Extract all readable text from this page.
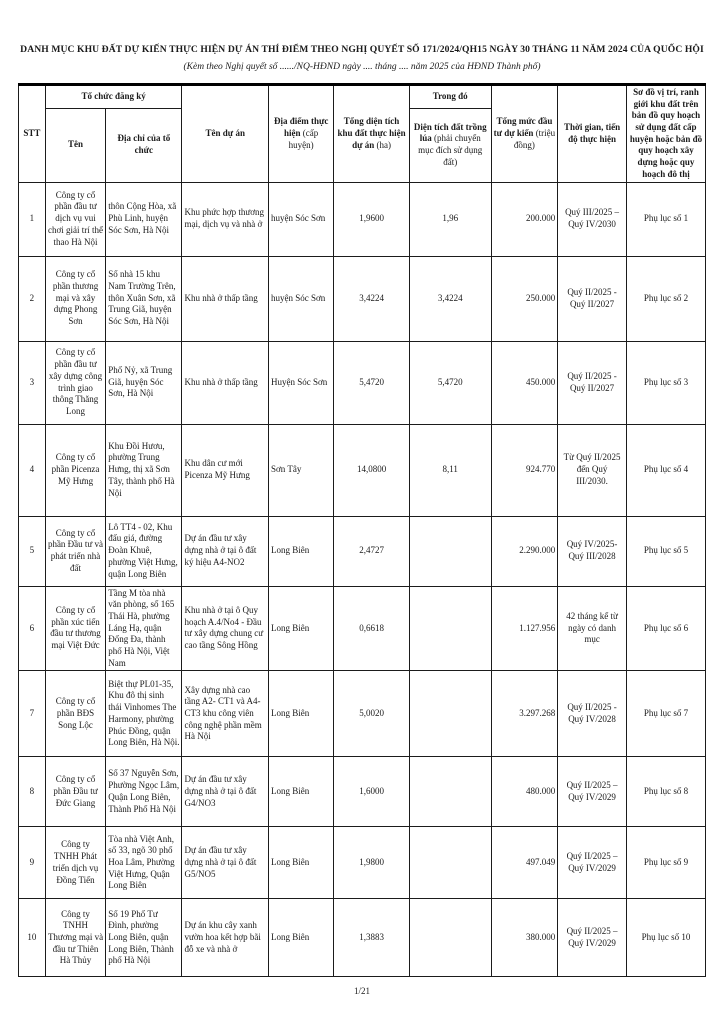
DANH MỤC KHU ĐẤT DỰ KIẾN THỰC HIỆN DỰ ÁN THÍ ĐIỂM THEO NGHỊ QUYẾT SỐ 171/2024/QH15 NGÀY 30 THÁNG 11 NĂM 2024 CỦA QUỐC HỘI
(Kèm theo Nghị quyết số ....../NQ-HĐND ngày .... tháng .... năm 2025 của HĐND Thành phố)
STT	Tổ chức đăng ký		Tên dự án	Địa điểm thực hiện (cấp huyện)	Tổng diện tích khu đất thực hiện dự án (ha)	Trong đó	Tổng mức đầu tư dự kiến (triệu đồng)	Thời gian, tiến độ thực hiện	Sơ đồ vị trí, ranh giới khu đất trên bản đồ quy hoạch sử dụng đất cấp huyện hoặc bản đồ quy hoạch xây dựng hoặc quy hoạch đô thị
	Tên	Địa chỉ của tổ chức				Diện tích đất trồng lúa (phải chuyển mục đích sử dụng đất)			
1	Công ty cổ phần đầu tư dịch vụ vui chơi giải trí thể thao Hà Nội	thôn Cộng Hòa, xã Phù Linh, huyện Sóc Sơn, Hà Nội	Khu phức hợp thương mại, dịch vụ và nhà ở	huyện Sóc Sơn	1,9600	1,96	200.000	Quý III/2025 – Quý IV/2030	Phụ lục số 1
2	Công ty cổ phần thương mại và xây dựng Phong Sơn	Số nhà 15 khu Nam Trường Trên, thôn Xuân Sơn, xã Trung Giã, huyện Sóc Sơn, Hà Nội	Khu nhà ở thấp tầng	huyện Sóc Sơn	3,4224	3,4224	250.000	Quý II/2025 - Quý II/2027	Phụ lục số 2
3	Công ty cổ phần đầu tư xây dựng công trình giao thông Thăng Long	Phố Nỷ, xã Trung Giã, huyện Sóc Sơn, Hà Nội	Khu nhà ở thấp tầng	Huyện Sóc Sơn	5,4720	5,4720	450.000	Quý II/2025 - Quý II/2027	Phụ lục số 3
4	Công ty cổ phần Picenza Mỹ Hưng	Khu Đồi Hươu, phường Trung Hưng, thị xã Sơn Tây, thành phố Hà Nội	Khu dân cư mới Picenza Mỹ Hưng	Sơn Tây	14,0800	8,11	924.770	Từ Quý II/2025 đến Quý III/2030.	Phụ lục số 4
5	Công ty cổ phần Đầu tư và phát triển nhà đất	Lô TT4 - 02, Khu đấu giá, đường Đoàn Khuê, phường Việt Hưng, quận Long Biên	Dự án đầu tư xây dựng nhà ở tại ô đất ký hiệu A4-NO2	Long Biên	2,4727		2.290.000	Quý IV/2025- Quý III/2028	Phụ lục số 5
6	Công ty cổ phần xúc tiến đầu tư thương mại Việt Đức	Tầng M tòa nhà văn phòng, số 165 Thái Hà, phường Láng Hạ, quận Đống Đa, thành phố Hà Nội, Việt Nam	Khu nhà ở tại ô Quy hoạch A.4/No4 - Đầu tư xây dựng chung cư cao tầng Sông Hồng	Long Biên	0,6618		1.127.956	42 tháng kể từ ngày có danh mục	Phụ lục số 6
7	Công ty cổ phần BĐS Song Lộc	Biệt thự PL01-35, Khu đô thị sinh thái Vinhomes The Harmony, phường Phúc Đồng, quận Long Biên, Hà Nội.	Xây dựng nhà cao tầng A2- CT1 và A4- CT3 khu công viên công nghệ phần mềm Hà Nội	Long Biên	5,0020		3.297.268	Quý II/2025 - Quý IV/2028	Phụ lục số 7
8	Công ty cổ phần Đầu tư Đức Giang	Số 37 Nguyễn Sơn, Phường Ngọc Lâm, Quận Long Biên, Thành Phố Hà Nội	Dự án đầu tư xây dựng nhà ở tại ô đất G4/NO3	Long Biên	1,6000		480.000	Quý II/2025 – Quý IV/2029	Phụ lục số 8
9	Công ty TNHH Phát triển dịch vụ Đồng Tiến	Tòa nhà Việt Anh, số 33, ngõ 30 phố Hoa Lâm, Phường Việt Hưng, Quận Long Biên	Dự án đầu tư xây dựng nhà ở tại ô đất G5/NO5	Long Biên	1,9800		497.049	Quý II/2025 – Quý IV/2029	Phụ lục số 9
10	Công ty TNHH Thương mại và đầu tư Thiên Hà Thủy	Số 19 Phố Tư Đình, phường Long Biên, quận Long Biên, Thành phố Hà Nội	Dự án khu cây xanh vườn hoa kết hợp bãi đỗ xe và nhà ở	Long Biên	1,3883		380.000	Quý II/2025 – Quý IV/2029	Phụ lục số 10
1/21
